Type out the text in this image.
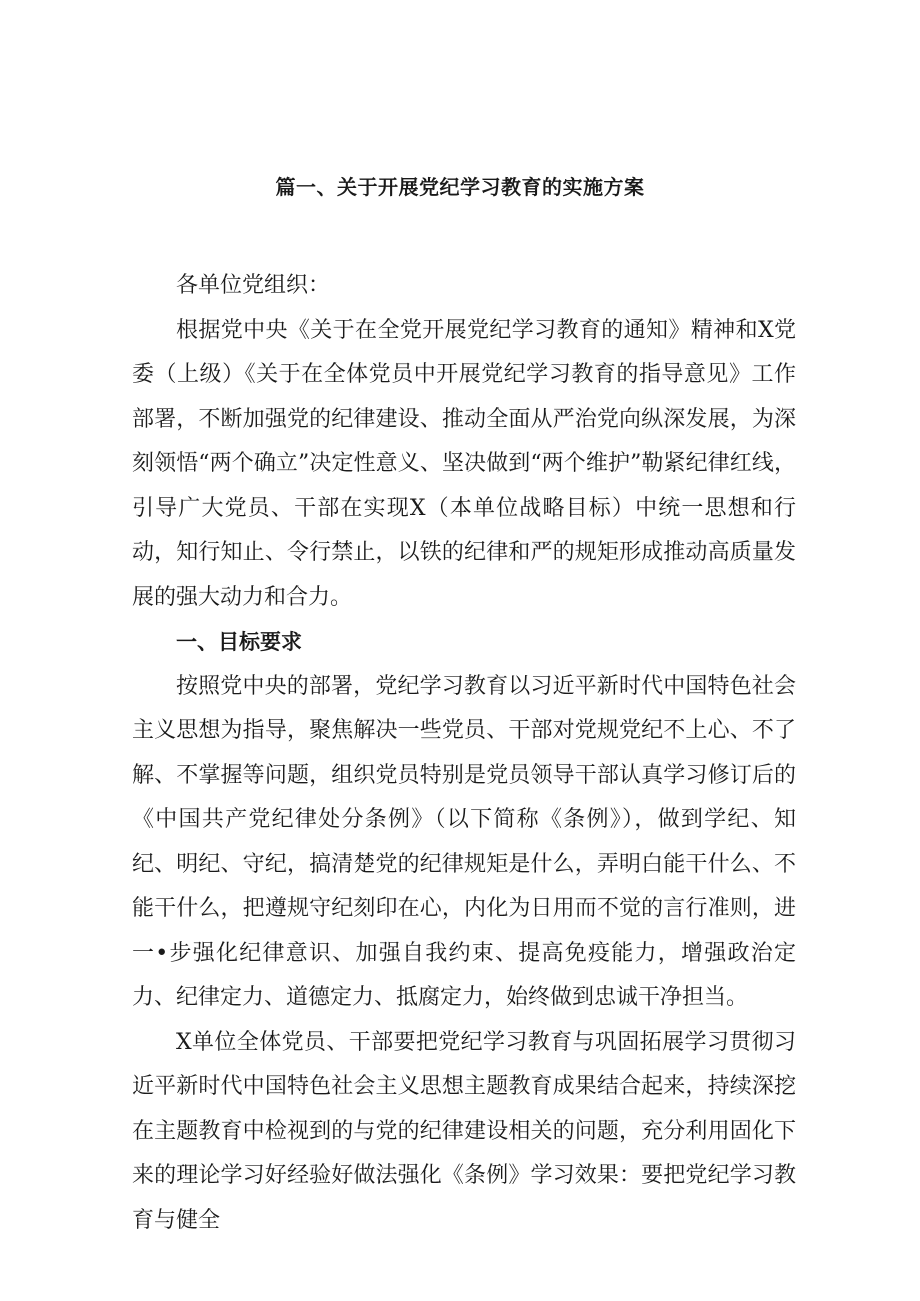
篇一、关于开展党纪学习教育的实施方案

各单位党组织：

根据党中央《关于在全党开展党纪学习教育的通知》精神和X党委（上级）《关于在全体党员中开展党纪学习教育的指导意见》工作部署，不断加强党的纪律建设、推动全面从严治党向纵深发展，为深刻领悟“两个确立”决定性意义、坚决做到“两个维护”勒紧纪律红线，引导广大党员、干部在实现X（本单位战略目标）中统一思想和行动，知行知止、令行禁止，以铁的纪律和严的规矩形成推动高质量发展的强大动力和合力。

一、目标要求

按照党中央的部署，党纪学习教育以习近平新时代中国特色社会主义思想为指导，聚焦解决一些党员、干部对党规党纪不上心、不了解、不掌握等问题，组织党员特别是党员领导干部认真学习修订后的《中国共产党纪律处分条例》（以下简称《条例》），做到学纪、知纪、明纪、守纪，搞清楚党的纪律规矩是什么，弄明白能干什么、不能干什么，把遵规守纪刻印在心，内化为日用而不觉的言行准则，进一•步强化纪律意识、加强自我约束、提高免疫能力，增强政治定力、纪律定力、道德定力、抵腐定力，始终做到忠诚干净担当。

X单位全体党员、干部要把党纪学习教育与巩固拓展学习贯彻习近平新时代中国特色社会主义思想主题教育成果结合起来，持续深挖在主题教育中检视到的与党的纪律建设相关的问题，充分利用固化下来的理论学习好经验好做法强化《条例》学习效果：要把党纪学习教育与健全
